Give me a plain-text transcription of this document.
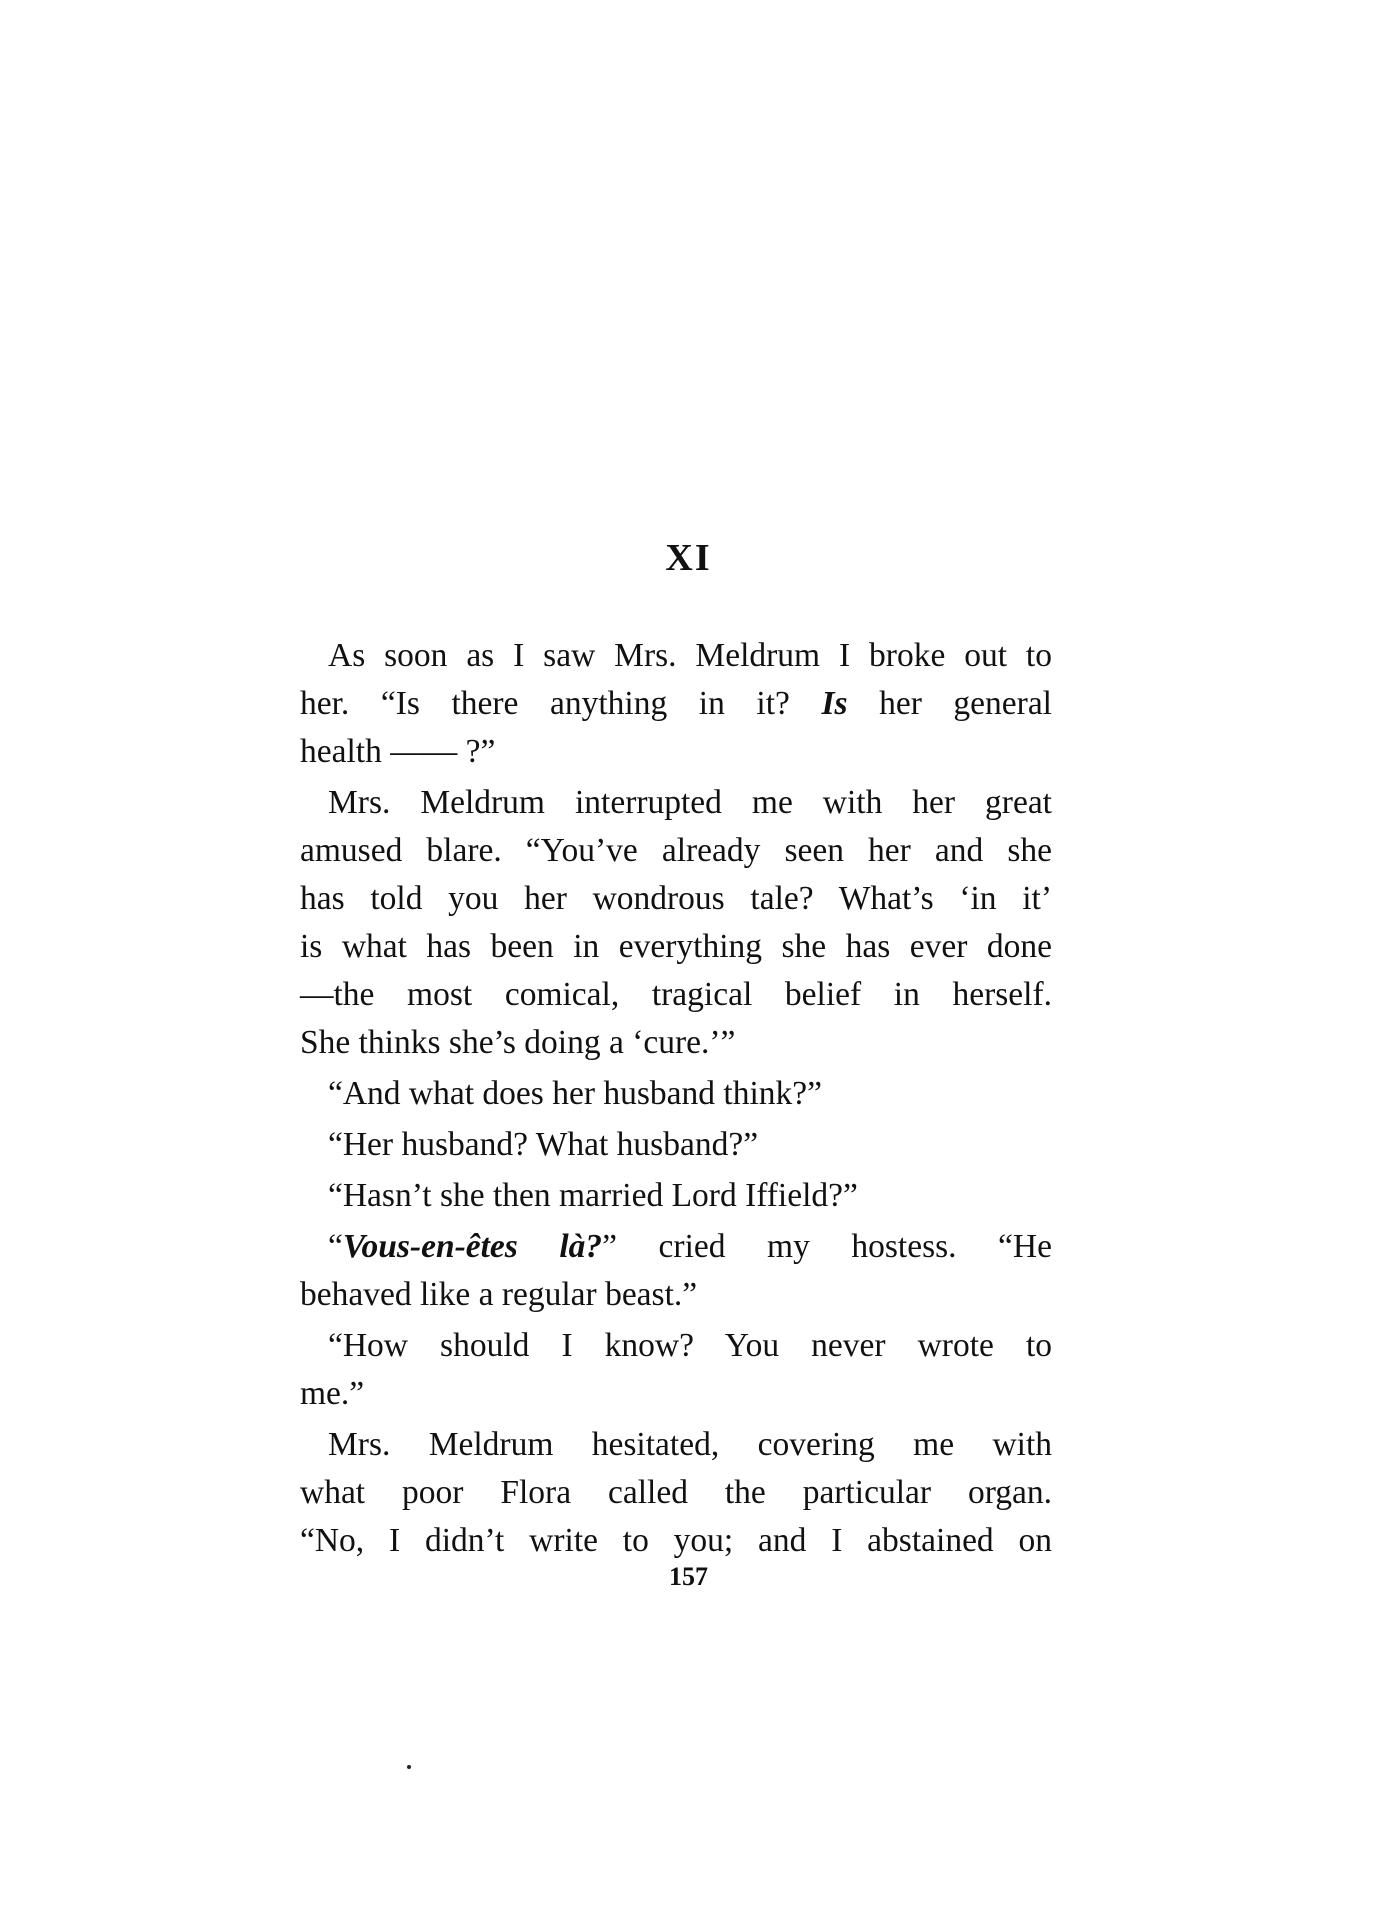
XI
As soon as I saw Mrs. Meldrum I broke out to
her. “Is there anything in it? Is her general
health —— ?”
Mrs. Meldrum interrupted me with her great
amused blare. “You’ve already seen her and she
has told you her wondrous tale? What’s ‘in it’
is what has been in everything she has ever done
—the most comical, tragical belief in herself.
She thinks she’s doing a ‘cure.’”
“And what does her husband think?”
“Her husband? What husband?”
“Hasn’t she then married Lord Iffield?”
“Vous-en-êtes là?” cried my hostess. “He
behaved like a regular beast.”
“How should I know? You never wrote to
me.”
Mrs. Meldrum hesitated, covering me with
what poor Flora called the particular organ.
“No, I didn’t write to you; and I abstained on
157
